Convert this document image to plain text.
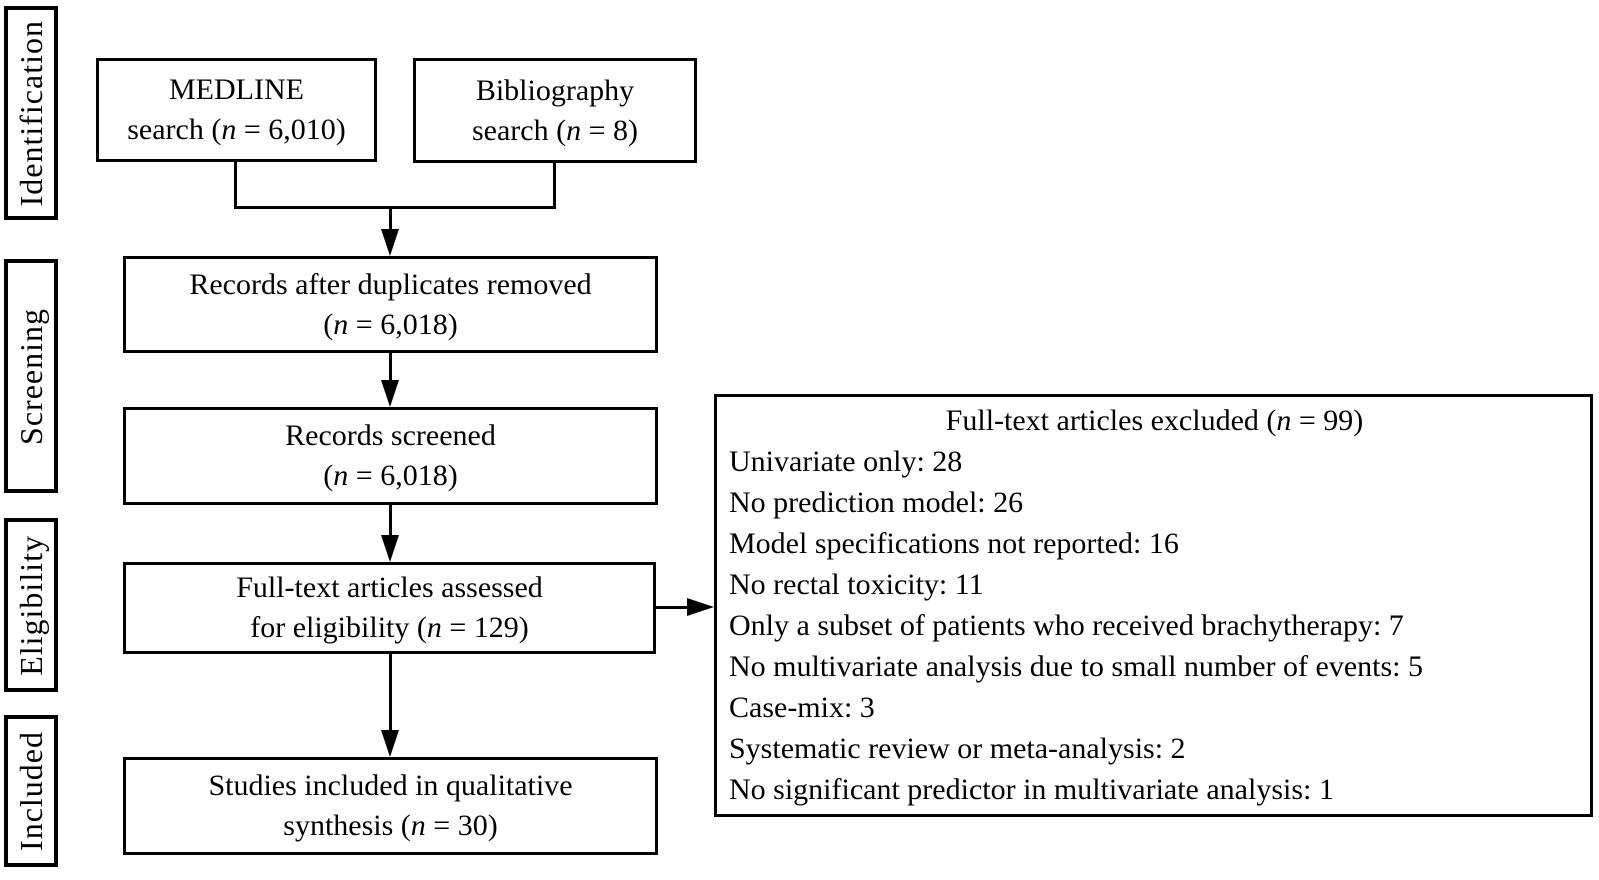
Identification
Screening
Eligibility
Included
MEDLINE
search (n = 6,010)
Bibliography
search (n = 8)
Records after duplicates removed
(n = 6,018)
Records screened
(n = 6,018)
Full-text articles assessed
for eligibility (n = 129)
Studies included in qualitative
synthesis (n = 30)
Full-text articles excluded (n = 99)
Univariate only: 28
No prediction model: 26
Model specifications not reported: 16
No rectal toxicity: 11
Only a subset of patients who received brachytherapy: 7
No multivariate analysis due to small number of events: 5
Case-mix: 3
Systematic review or meta-analysis: 2
No significant predictor in multivariate analysis: 1
